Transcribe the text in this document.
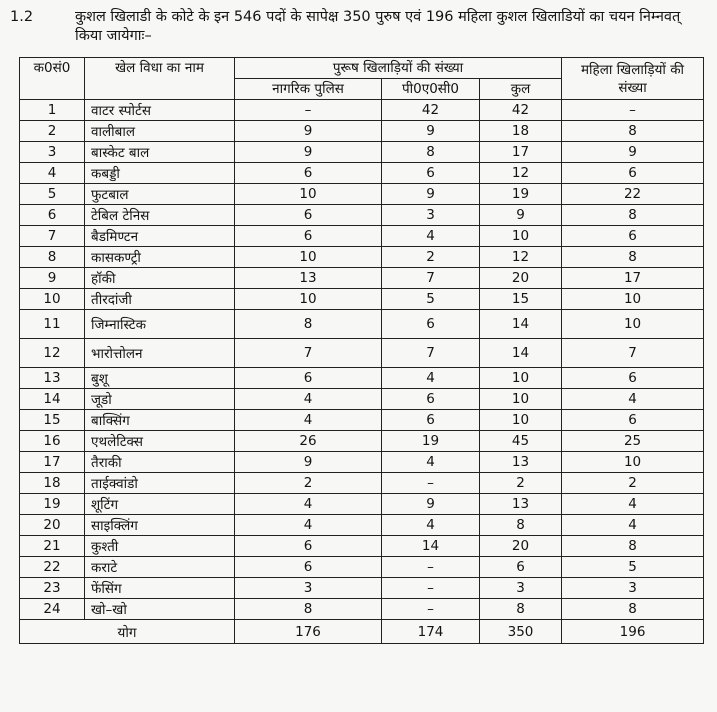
1.2	कुशल खिलाडी के कोटे के इन 546 पदों के सापेक्ष 350 पुरुष एवं 196 महिला कुशल खिलाडियों का चयन निम्नवत् किया जायेगाः–
क0सं0	खेल विधा का नाम	पुरूष खिलाड़ियों की संख्या			महिला खिलाड़ियों की संख्या
		नागरिक पुलिस	पी0ए0सी0	कुल	
1	वाटर स्पोर्टस	–	42	42	–
2	वालीबाल	9	9	18	8
3	बास्केट बाल	9	8	17	9
4	कबड्डी	6	6	12	6
5	फुटबाल	10	9	19	22
6	टेबिल टेनिस	6	3	9	8
7	बैडमिण्टन	6	4	10	6
8	कासकण्ट्री	10	2	12	8
9	हॉकी	13	7	20	17
10	तीरदांजी	10	5	15	10
11	जिम्नास्टिक	8	6	14	10
12	भारोत्तोलन	7	7	14	7
13	बुशू	6	4	10	6
14	जूडो	4	6	10	4
15	बाक्सिंग	4	6	10	6
16	एथलेटिक्स	26	19	45	25
17	तैराकी	9	4	13	10
18	ताईक्वांडो	2	–	2	2
19	शूटिंग	4	9	13	4
20	साइक्लिंग	4	4	8	4
21	कुश्ती	6	14	20	8
22	कराटे	6	–	6	5
23	फेंसिंग	3	–	3	3
24	खो–खो	8	–	8	8
योग		176	174	350	196
